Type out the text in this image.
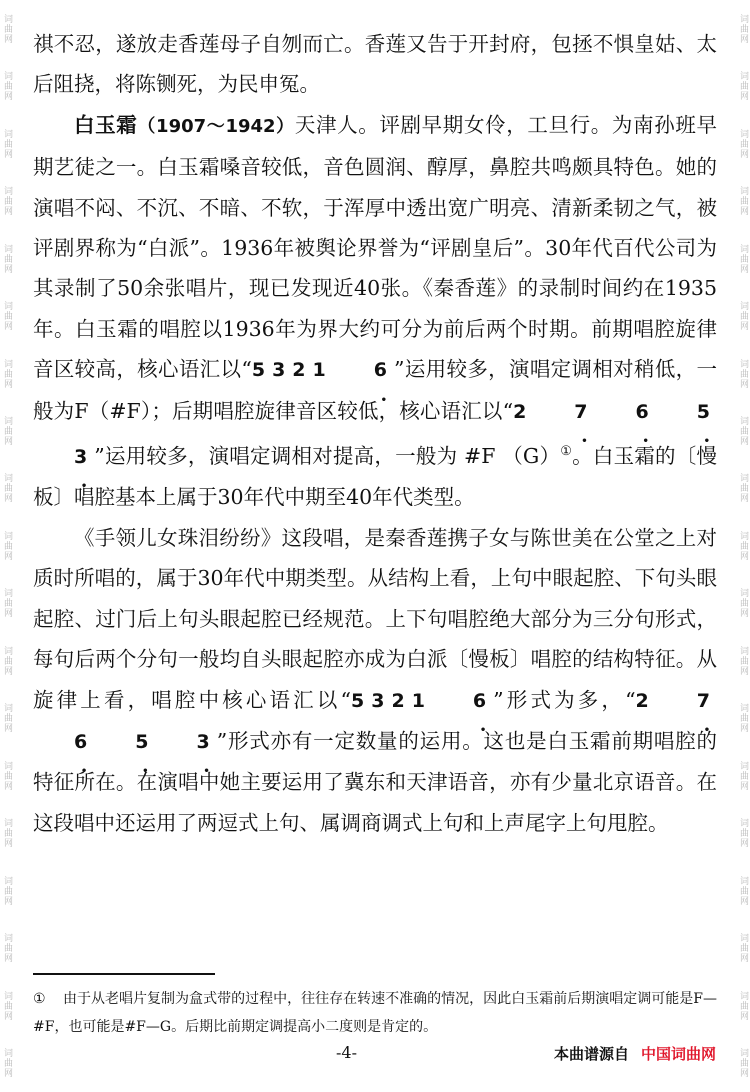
词曲网
词曲网
词曲网
词曲网
词曲网
词曲网
词曲网
词曲网
词曲网
词曲网
词曲网
词曲网
词曲网
词曲网
词曲网
词曲网
词曲网
词曲网
词曲网
词曲网
词曲网
词曲网
词曲网
词曲网
词曲网
词曲网
词曲网
词曲网
词曲网
词曲网
词曲网
词曲网
词曲网
词曲网
词曲网
词曲网
词曲网
词曲网

祺不忍，遂放走香莲母子自刎而亡。香莲又告于开封府，包拯不惧皇姑、太后阻挠，将陈铡死，为民申冤。

白玉霜（1907～1942）天津人。评剧早期女伶，工旦行。为南孙班早期艺徒之一。白玉霜嗓音较低，音色圆润、醇厚，鼻腔共鸣颇具特色。她的演唱不闷、不沉、不暗、不软，于浑厚中透出宽广明亮、清新柔韧之气，被评剧界称为“白派”。1936年被舆论界誉为“评剧皇后”。30年代百代公司为其录制了50余张唱片，现已发现近40张。《秦香莲》的录制时间约在1935年。白玉霜的唱腔以1936年为界大约可分为前后两个时期。前期唱腔旋律音区较高，核心语汇以“5321 6 •”运用较多，演唱定调相对稍低，一般为F（#F）；后期唱腔旋律音区较低，核心语汇以“2 7 • 6 • 5 •3 •”运用较多，演唱定调相对提高，一般为 #F （G）①。白玉霜的〔慢板〕唱腔基本上属于30年代中期至40年代类型。

《手领儿女珠泪纷纷》这段唱，是秦香莲携子女与陈世美在公堂之上对质时所唱的，属于30年代中期类型。从结构上看，上句中眼起腔、下句头眼起腔、过门后上句头眼起腔已经规范。上下句唱腔绝大部分为三分句形式，每句后两个分句一般均自头眼起腔亦成为白派〔慢板〕唱腔的结构特征。从旋律上看，唱腔中核心语汇以“5321 6 •”形式为多，“2 7 •6 • 5 • 3 •”形式亦有一定数量的运用。这也是白玉霜前期唱腔的特征所在。在演唱中她主要运用了冀东和天津语音，亦有少量北京语音。在这段唱中还运用了两逗式上句、属调商调式上句和上声尾字上句甩腔。

① 由于从老唱片复制为盒式带的过程中，往往存在转速不准确的情况，因此白玉霜前后期演唱定调可能是F—#F，也可能是#F—G。后期比前期定调提高小二度则是肯定的。
-4-	本曲谱源自 中国词曲网
